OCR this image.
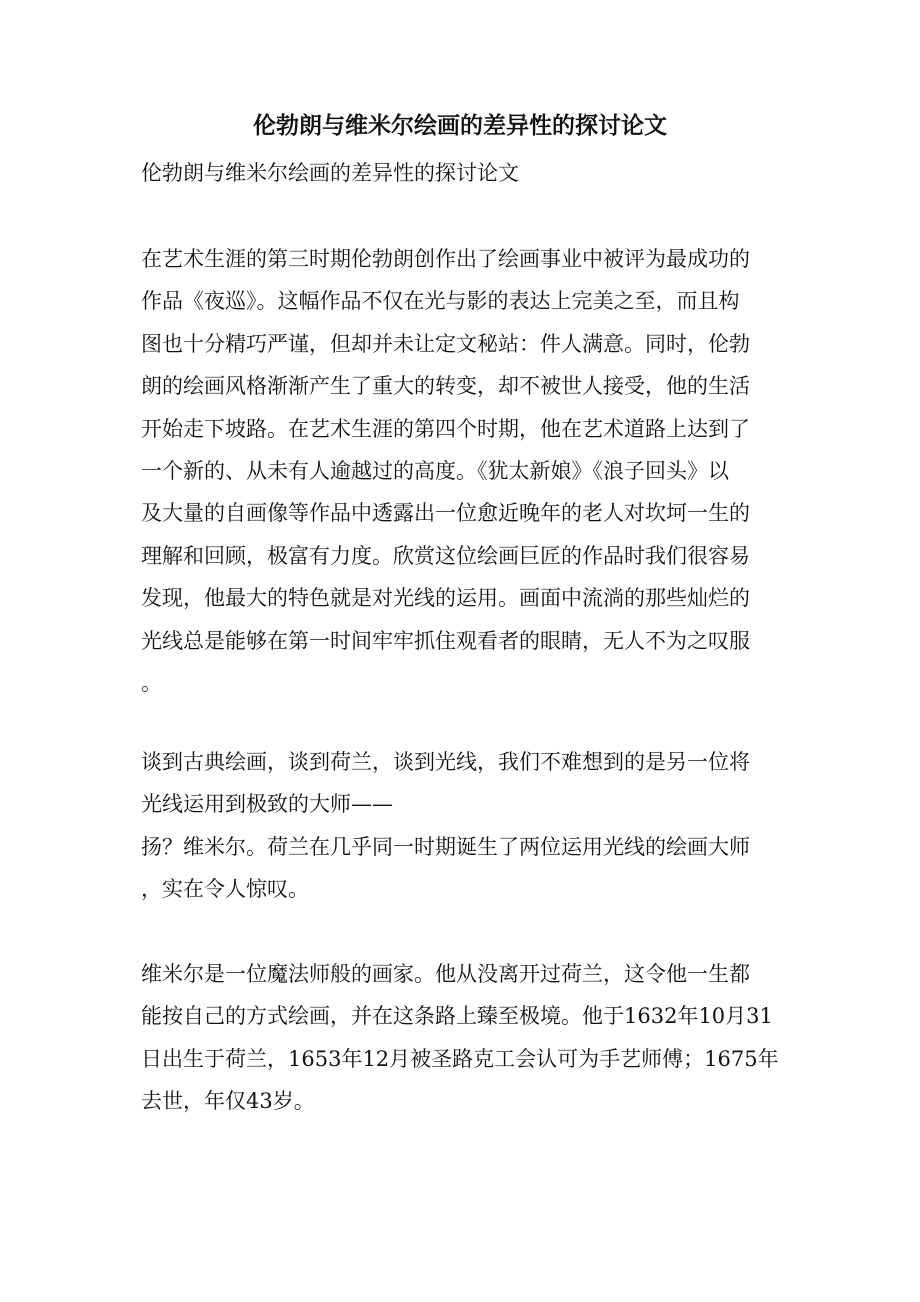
伦勃朗与维米尔绘画的差异性的探讨论文

伦勃朗与维米尔绘画的差异性的探讨论文

在艺术生涯的第三时期伦勃朗创作出了绘画事业中被评为最成功的
作品《夜巡》。这幅作品不仅在光与影的表达上完美之至，而且构
图也十分精巧严谨，但却并未让定文秘站：件人满意。同时，伦勃
朗的绘画风格渐渐产生了重大的转变，却不被世人接受，他的生活
开始走下坡路。在艺术生涯的第四个时期，他在艺术道路上达到了
一个新的、从未有人逾越过的高度。《犹太新娘》《浪子回头》以
及大量的自画像等作品中透露出一位愈近晚年的老人对坎坷一生的
理解和回顾，极富有力度。欣赏这位绘画巨匠的作品时我们很容易
发现，他最大的特色就是对光线的运用。画面中流淌的那些灿烂的
光线总是能够在第一时间牢牢抓住观看者的眼睛，无人不为之叹服
。
谈到古典绘画，谈到荷兰，谈到光线，我们不难想到的是另一位将
光线运用到极致的大师——
扬？维米尔。荷兰在几乎同一时期诞生了两位运用光线的绘画大师
，实在令人惊叹。
维米尔是一位魔法师般的画家。他从没离开过荷兰，这令他一生都
能按自己的方式绘画，并在这条路上臻至极境。他于1632年10月31
日出生于荷兰，1653年12月被圣路克工会认可为手艺师傅；1675年
去世，年仅43岁。
